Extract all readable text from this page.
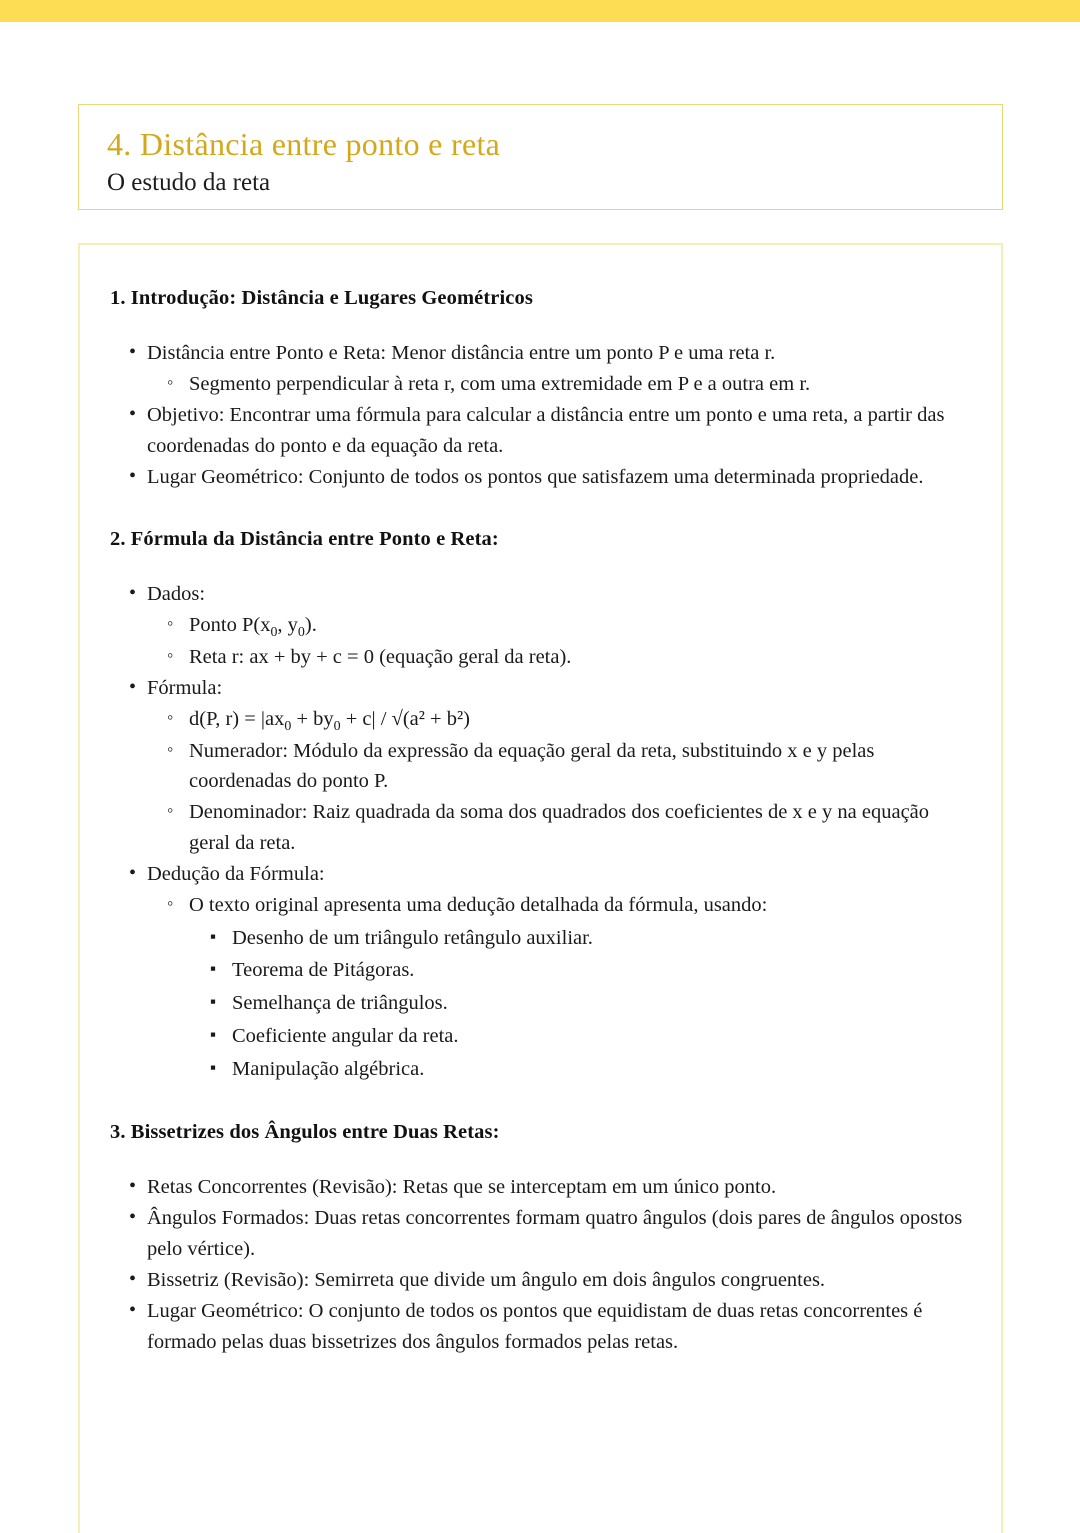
4. Distância entre ponto e reta
O estudo da reta
1. Introdução: Distância e Lugares Geométricos
• Distância entre Ponto e Reta: Menor distância entre um ponto P e uma reta r.
◦ Segmento perpendicular à reta r, com uma extremidade em P e a outra em r.
• Objetivo: Encontrar uma fórmula para calcular a distância entre um ponto e uma reta, a partir das coordenadas do ponto e da equação da reta.
• Lugar Geométrico: Conjunto de todos os pontos que satisfazem uma determinada propriedade.
2. Fórmula da Distância entre Ponto e Reta:
• Dados:
◦ Ponto $P(x_0$, $y_0$).
◦ Reta r: ax + by + c = 0 (equação geral da reta).
• Fórmula:
◦ d(P, $r) = |ax_0 + by_0 + c| / √(a^2 + b^2)$
◦ Numerador: Módulo da expressão da equação geral da reta, substituindo x e y pelas coordenadas do ponto P.
◦ Denominador: Raiz quadrada da soma dos quadrados dos coeficientes de x e y na equação geral da reta.
• Dedução da Fórmula:
◦ O texto original apresenta uma dedução detalhada da fórmula, usando:
▪ Desenho de um triângulo retângulo auxiliar.
▪ Teorema de Pitágoras.
▪ Semelhança de triângulos.
▪ Coeficiente angular da reta.
▪ Manipulação algébrica.
3. Bissetrizes dos Ângulos entre Duas Retas:
• Retas Concorrentes (Revisão): Retas que se interceptam em um único ponto.
• Ângulos Formados: Duas retas concorrentes formam quatro ângulos (dois pares de ângulos opostos pelo vértice).
• Bissetriz (Revisão): Semirreta que divide um ângulo em dois ângulos congruentes.
• Lugar Geométrico: O conjunto de todos os pontos que equidistam de duas retas concorrentes é formado pelas duas bissetrizes dos ângulos formados pelas retas.
